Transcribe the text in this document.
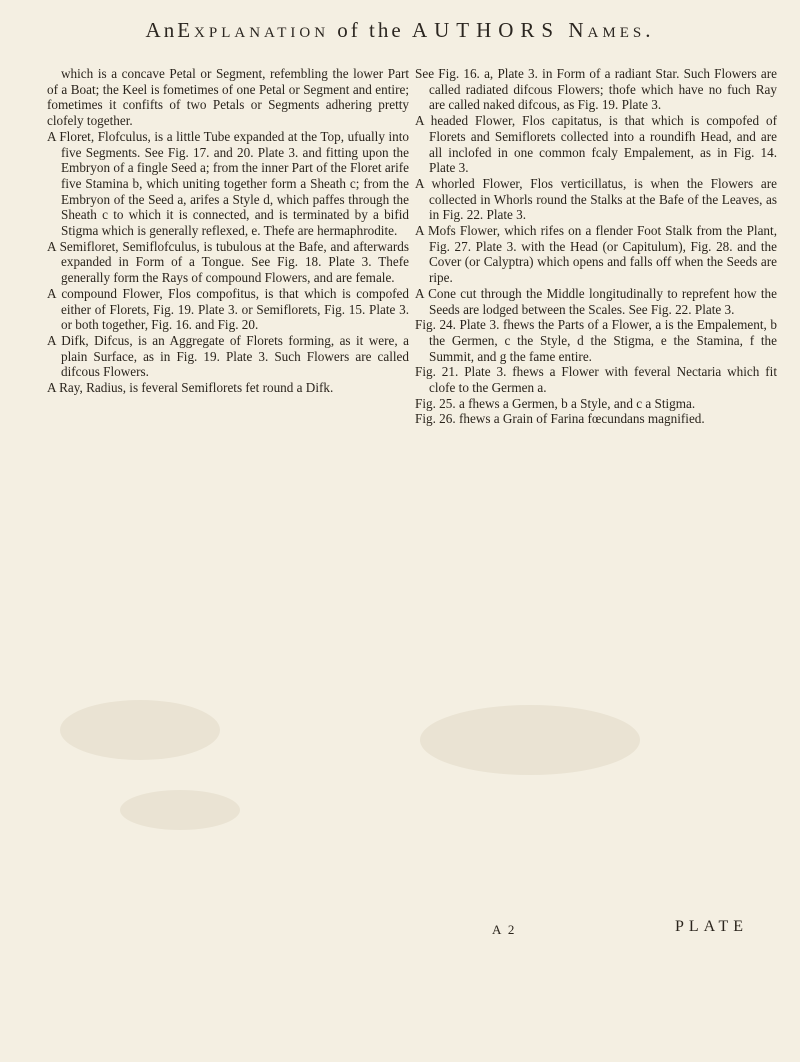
AnExplanation of the AUTHORS Names.

which is a concave Petal or Segment, refembling the lower Part of a Boat; the Keel is fometimes of one Petal or Segment and entire; fometimes it confifts of two Petals or Segments adhering pretty clofely together.

A Floret, Flofculus, is a little Tube expanded at the Top, ufually into five Segments. See Fig. 17. and 20. Plate 3. and fitting upon the Embryon of a fingle Seed a; from the inner Part of the Floret arife five Stamina b, which uniting together form a Sheath c; from the Embryon of the Seed a, arifes a Style d, which paffes through the Sheath c to which it is connected, and is terminated by a bifid Stigma which is generally reflexed, e. Thefe are hermaphrodite.

A Semifloret, Semiflofculus, is tubulous at the Bafe, and afterwards expanded in Form of a Tongue. See Fig. 18. Plate 3. Thefe generally form the Rays of compound Flowers, and are female.

A compound Flower, Flos compofitus, is that which is compofed either of Florets, Fig. 19. Plate 3. or Semiflorets, Fig. 15. Plate 3. or both together, Fig. 16. and Fig. 20.

A Difk, Difcus, is an Aggregate of Florets forming, as it were, a plain Surface, as in Fig. 19. Plate 3. Such Flowers are called difcous Flowers.

A Ray, Radius, is feveral Semiflorets fet round a Difk.

See Fig. 16. a, Plate 3. in Form of a radiant Star. Such Flowers are called radiated difcous Flowers; thofe which have no fuch Ray are called naked difcous, as Fig. 19. Plate 3.

A headed Flower, Flos capitatus, is that which is compofed of Florets and Semiflorets collected into a roundifh Head, and are all inclofed in one common fcaly Empalement, as in Fig. 14. Plate 3.

A whorled Flower, Flos verticillatus, is when the Flowers are collected in Whorls round the Stalks at the Bafe of the Leaves, as in Fig. 22. Plate 3.

A Mofs Flower, which rifes on a flender Foot Stalk from the Plant, Fig. 27. Plate 3. with the Head (or Capitulum), Fig. 28. and the Cover (or Calyptra) which opens and falls off when the Seeds are ripe.

A Cone cut through the Middle longitudinally to reprefent how the Seeds are lodged between the Scales. See Fig. 22. Plate 3.

Fig. 24. Plate 3. fhews the Parts of a Flower, a is the Empalement, b the Germen, c the Style, d the Stigma, e the Stamina, f the Summit, and g the fame entire.

Fig. 21. Plate 3. fhews a Flower with feveral Nectaria which fit clofe to the Germen a.

Fig. 25. a fhews a Germen, b a Style, and c a Stigma.

Fig. 26. fhews a Grain of Farina fœcundans magnified.

A 2	PLATE
